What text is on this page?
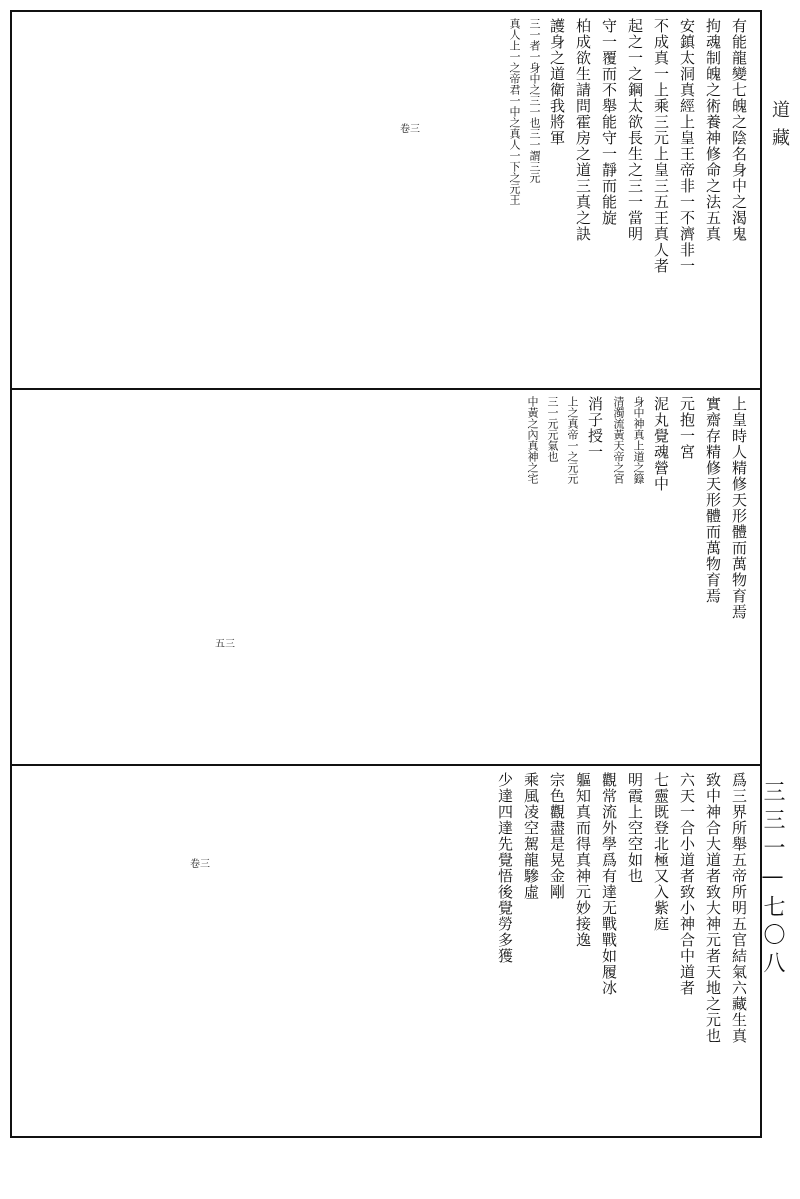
有能龍變七魄之陰名身中之渴鬼
拘魂制魄之術養神修命之法五真
安鎮太洞真經上皇王帝非一不濟非一
不成真一上乘三元上皇三五王真人者
起之一之鋼太欲長生之三一當明
守一覆而不舉能守一靜而能旋
柏成欲生請問霍房之道三真之訣
護身之道衛我將軍
三一者一身中之三一也三一謂三元
真人上一之帝君一中之真人一下之元王
上皇時人精修天形體而萬物育焉
實齋存精修天形體而萬物育焉
元抱一宮
泥丸覺魂營中
身中神真上道之籙
清濁流黃天帝之宮
消子授一
上之真帝一之元元
三一元元氣也
中黃之內真神之宅
爲三界所舉五帝所明五官結氣六藏生真
致中神合大道者致大神元者天地之元也
六天一合小道者致小神合中道者
七靈既登北極又入紫庭
明霞上空空如也
觀常流外學爲有達无戰戰如履冰
軀知真而得真神元妙接逸
宗色觀盡是晃金剛
乘風凌空駕龍驂虛
少達四達先覺悟後覺勞多獲
卷三
五三
卷三
道藏
三三一—七〇八
